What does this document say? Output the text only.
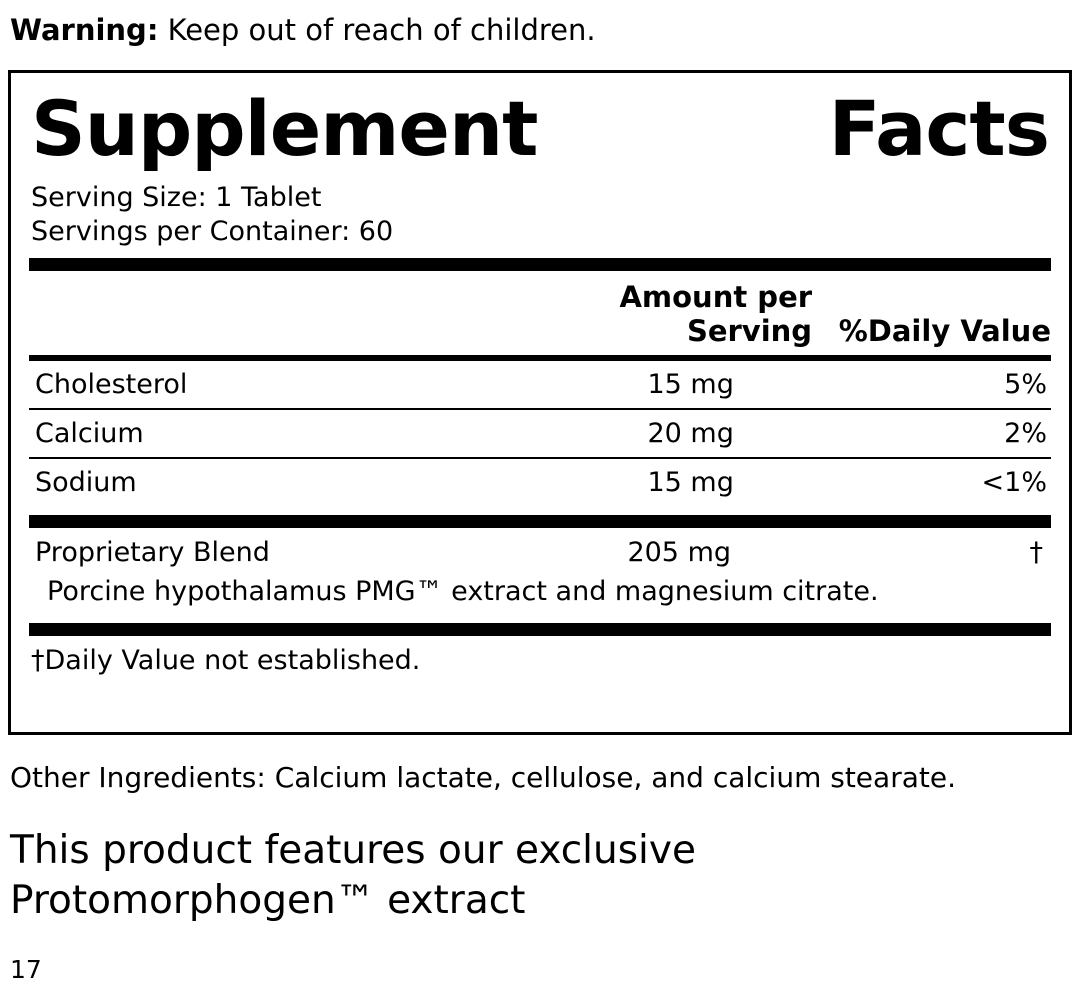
Warning: Keep out of reach of children.
Supplement	Facts
Serving Size: 1 Tablet
Servings per Container: 60
	Amount per Serving	%Daily Value
Cholesterol	15 mg	5%
Calcium	20 mg	2%
Sodium	15 mg	<1%
Proprietary Blend	205 mg	†
Porcine hypothalamus PMG™ extract and magnesium citrate.
†Daily Value not established.
Other Ingredients: Calcium lactate, cellulose, and calcium stearate.
This product features our exclusive Protomorphogen™ extract
17
